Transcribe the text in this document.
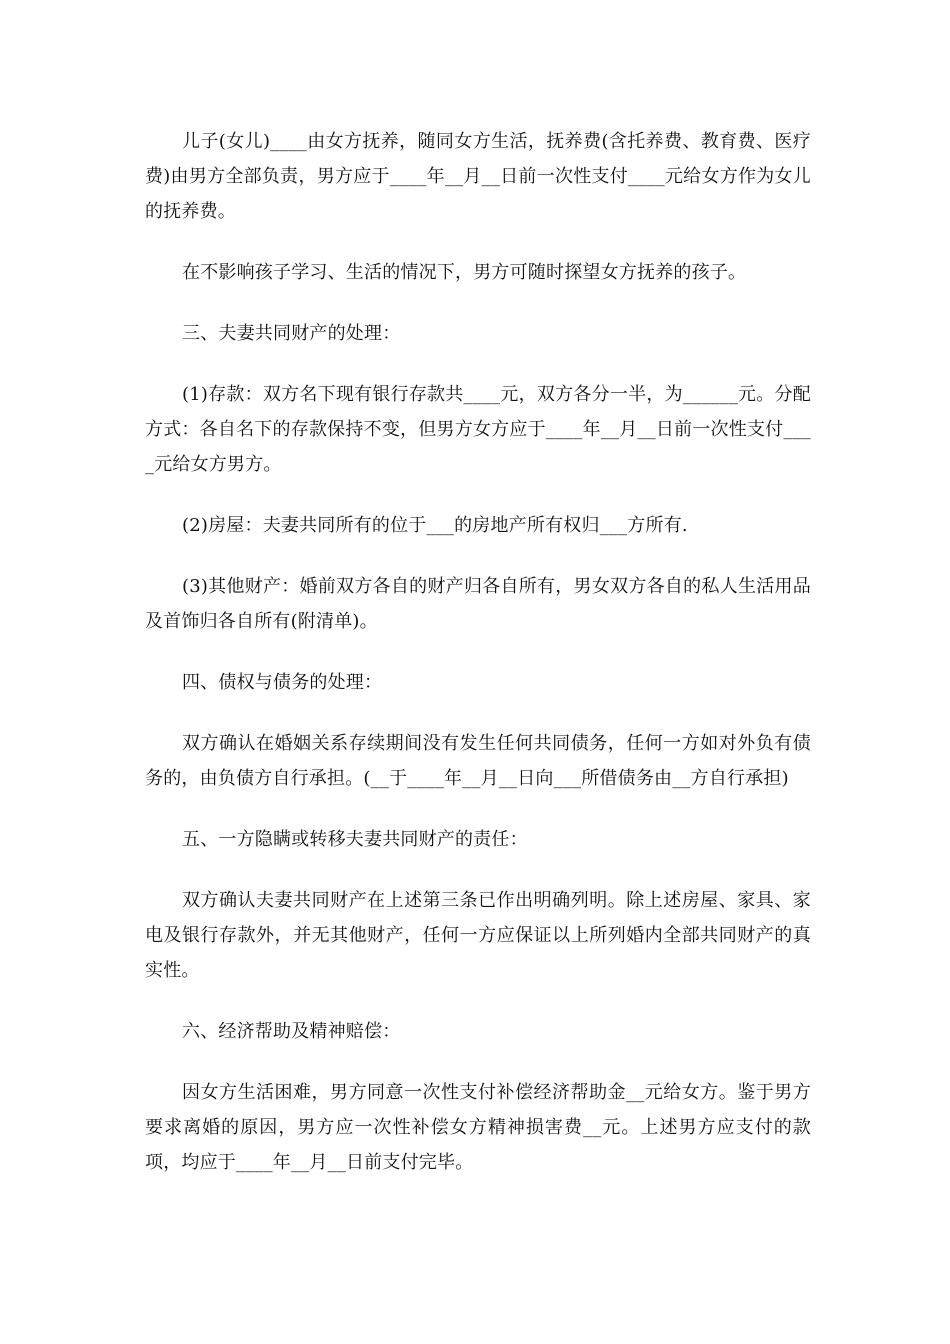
儿子(女儿)____由女方抚养，随同女方生活，抚养费(含托养费、教育费、医疗费)由男方全部负责，男方应于____年__月__日前一次性支付____元给女方作为女儿的抚养费。

在不影响孩子学习、生活的情况下，男方可随时探望女方抚养的孩子。

三、夫妻共同财产的处理：

(1)存款：双方名下现有银行存款共____元，双方各分一半，为______元。分配方式：各自名下的存款保持不变，但男方女方应于____年__月__日前一次性支付____元给女方男方。

(2)房屋：夫妻共同所有的位于___的房地产所有权归___方所有.

(3)其他财产：婚前双方各自的财产归各自所有，男女双方各自的私人生活用品及首饰归各自所有(附清单)。

四、债权与债务的处理：

双方确认在婚姻关系存续期间没有发生任何共同债务，任何一方如对外负有债务的，由负债方自行承担。(__于____年__月__日向___所借债务由__方自行承担)

五、一方隐瞒或转移夫妻共同财产的责任：

双方确认夫妻共同财产在上述第三条已作出明确列明。除上述房屋、家具、家电及银行存款外，并无其他财产，任何一方应保证以上所列婚内全部共同财产的真实性。

六、经济帮助及精神赔偿：

因女方生活困难，男方同意一次性支付补偿经济帮助金__元给女方。鉴于男方要求离婚的原因，男方应一次性补偿女方精神损害费__元。上述男方应支付的款项，均应于____年__月__日前支付完毕。
